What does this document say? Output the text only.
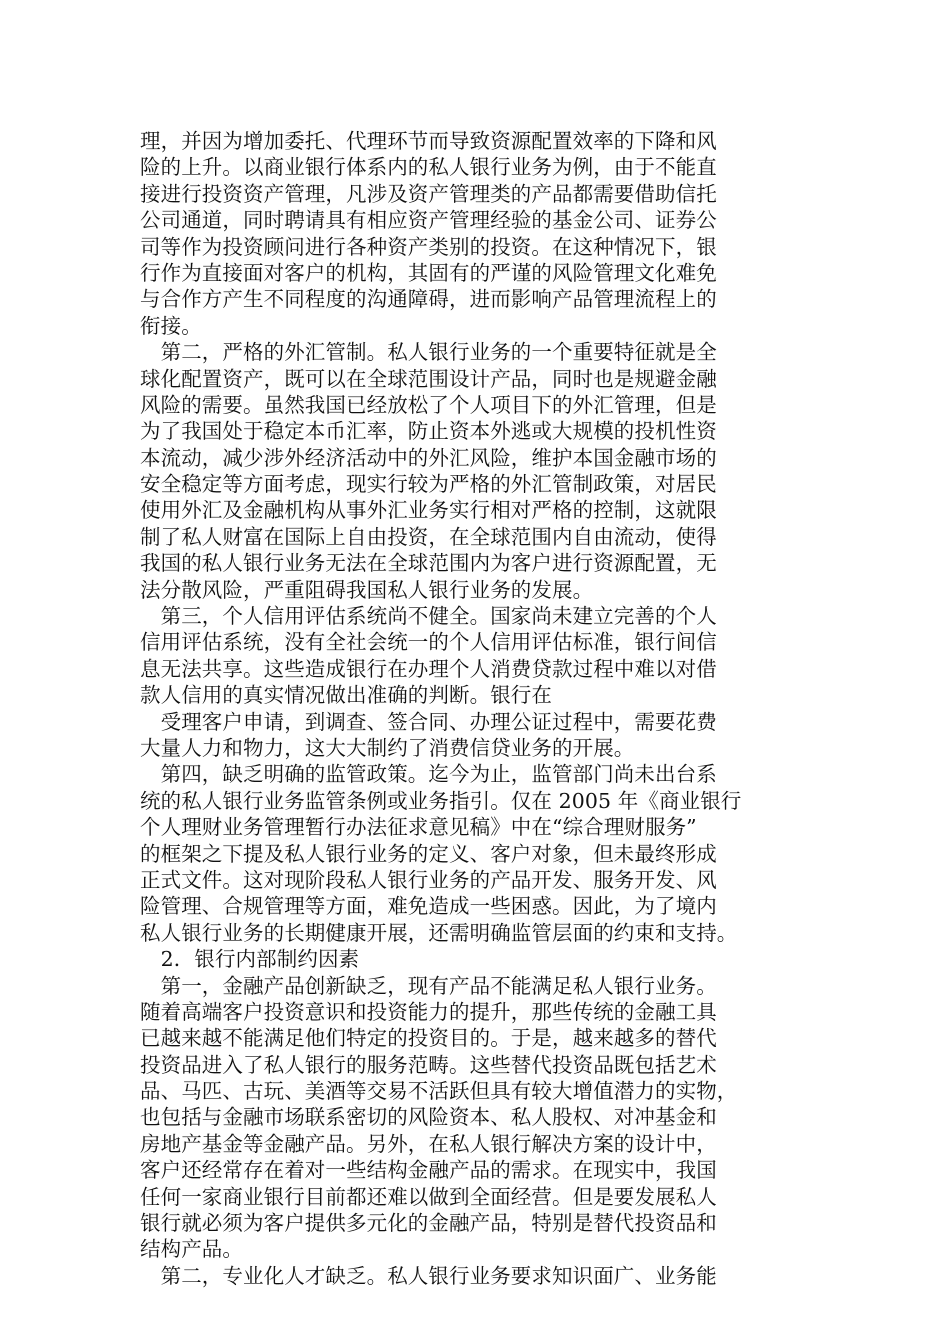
理，并因为增加委托、代理环节而导致资源配置效率的下降和风
险的上升。以商业银行体系内的私人银行业务为例，由于不能直
接进行投资资产管理，凡涉及资产管理类的产品都需要借助信托
公司通道，同时聘请具有相应资产管理经验的基金公司、证券公
司等作为投资顾问进行各种资产类别的投资。在这种情况下，银
行作为直接面对客户的机构，其固有的严谨的风险管理文化难免
与合作方产生不同程度的沟通障碍，进而影响产品管理流程上的
衔接。
　第二，严格的外汇管制。私人银行业务的一个重要特征就是全
球化配置资产，既可以在全球范围设计产品，同时也是规避金融
风险的需要。虽然我国已经放松了个人项目下的外汇管理，但是
为了我国处于稳定本币汇率，防止资本外逃或大规模的投机性资
本流动，减少涉外经济活动中的外汇风险，维护本国金融市场的
安全稳定等方面考虑，现实行较为严格的外汇管制政策，对居民
使用外汇及金融机构从事外汇业务实行相对严格的控制，这就限
制了私人财富在国际上自由投资，在全球范围内自由流动，使得
我国的私人银行业务无法在全球范围内为客户进行资源配置，无
法分散风险，严重阻碍我国私人银行业务的发展。
　第三，个人信用评估系统尚不健全。国家尚未建立完善的个人
信用评估系统，没有全社会统一的个人信用评估标准，银行间信
息无法共享。这些造成银行在办理个人消费贷款过程中难以对借
款人信用的真实情况做出准确的判断。银行在
　受理客户申请，到调查、签合同、办理公证过程中，需要花费
大量人力和物力，这大大制约了消费信贷业务的开展。
　第四，缺乏明确的监管政策。迄今为止，监管部门尚未出台系
统的私人银行业务监管条例或业务指引。仅在 2005 年《商业银行
个人理财业务管理暂行办法征求意见稿》中在“综合理财服务”
的框架之下提及私人银行业务的定义、客户对象，但未最终形成
正式文件。这对现阶段私人银行业务的产品开发、服务开发、风
险管理、合规管理等方面，难免造成一些困惑。因此，为了境内
私人银行业务的长期健康开展，还需明确监管层面的约束和支持。
　2．银行内部制约因素
　第一，金融产品创新缺乏，现有产品不能满足私人银行业务。
随着高端客户投资意识和投资能力的提升，那些传统的金融工具
已越来越不能满足他们特定的投资目的。于是，越来越多的替代
投资品进入了私人银行的服务范畴。这些替代投资品既包括艺术
品、马匹、古玩、美酒等交易不活跃但具有较大增值潜力的实物，
也包括与金融市场联系密切的风险资本、私人股权、对冲基金和
房地产基金等金融产品。另外，在私人银行解决方案的设计中，
客户还经常存在着对一些结构金融产品的需求。在现实中，我国
任何一家商业银行目前都还难以做到全面经营。但是要发展私人
银行就必须为客户提供多元化的金融产品，特别是替代投资品和
结构产品。
　第二，专业化人才缺乏。私人银行业务要求知识面广、业务能
